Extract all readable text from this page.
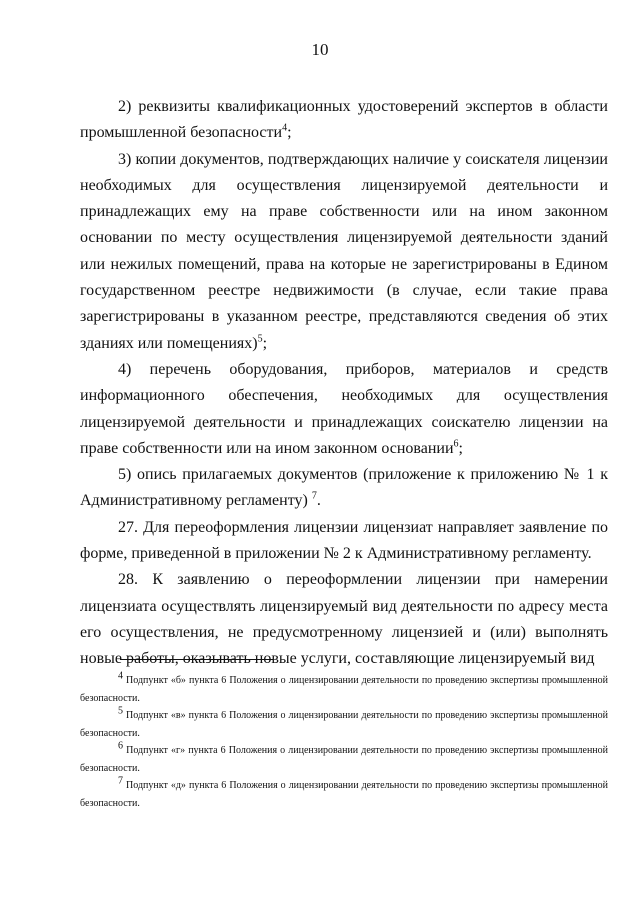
10

2) реквизиты квалификационных удостоверений экспертов в области промышленной безопасности$^4$;

3) копии документов, подтверждающих наличие у соискателя лицензии необходимых для осуществления лицензируемой деятельности и принадлежащих ему на праве собственности или на ином законном основании по месту осуществления лицензируемой деятельности зданий или нежилых помещений, права на которые не зарегистрированы в Едином государственном реестре недвижимости (в случае, если такие права зарегистрированы в указанном реестре, представляются сведения об этих зданиях или помещениях)$^5$;

4) перечень оборудования, приборов, материалов и средств информационного обеспечения, необходимых для осуществления лицензируемой деятельности и принадлежащих соискателю лицензии на праве собственности или на ином законном основании$^6$;

5) опись прилагаемых документов (приложение к приложению № 1 к Административному регламенту) $^7$.

27. Для переоформления лицензии лицензиат направляет заявление по форме, приведенной в приложении № 2 к Административному регламенту.

28. К заявлению о переоформлении лицензии при намерении лицензиата осуществлять лицензируемый вид деятельности по адресу места его осуществления, не предусмотренному лицензией и (или) выполнять новые работы, оказывать новые услуги, составляющие лицензируемый вид

$^4$ Подпункт «б» пункта 6 Положения о лицензировании деятельности по проведению экспертизы промышленной безопасности.

$^5$ Подпункт «в» пункта 6 Положения о лицензировании деятельности по проведению экспертизы промышленной безопасности.

$^6$ Подпункт «г» пункта 6 Положения о лицензировании деятельности по проведению экспертизы промышленной безопасности.

$^7$ Подпункт «д» пункта 6 Положения о лицензировании деятельности по проведению экспертизы промышленной безопасности.
